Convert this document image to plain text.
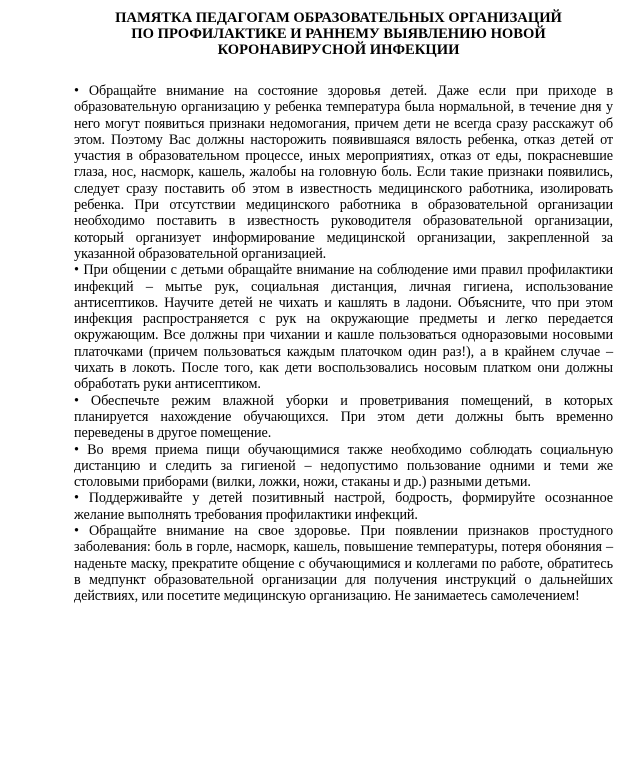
ПАМЯТКА ПЕДАГОГАМ ОБРАЗОВАТЕЛЬНЫХ ОРГАНИЗАЦИЙ
ПО ПРОФИЛАКТИКЕ И РАННЕМУ ВЫЯВЛЕНИЮ НОВОЙ
КОРОНАВИРУСНОЙ ИНФЕКЦИИ

• Обращайте внимание на состояние здоровья детей. Даже если при приходе в образовательную организацию у ребенка температура была нормальной, в течение дня у него могут появиться признаки недомогания, причем дети не всегда сразу расскажут об этом. Поэтому Вас должны насторожить появившаяся вялость ребенка, отказ детей от участия в образовательном процессе, иных мероприятиях, отказ от еды, покрасневшие глаза, нос, насморк, кашель, жалобы на головную боль. Если такие признаки появились, следует сразу поставить об этом в известность медицинского работника, изолировать ребенка. При отсутствии медицинского работника в образовательной организации необходимо поставить в известность руководителя образовательной организации, который организует информирование медицинской организации, закрепленной за указанной образовательной организацией.

• При общении с детьми обращайте внимание на соблюдение ими правил профилактики инфекций – мытье рук, социальная дистанция, личная гигиена, использование антисептиков. Научите детей не чихать и кашлять в ладони. Объясните, что при этом инфекция распространяется с рук на окружающие предметы и легко передается окружающим. Все должны при чихании и кашле пользоваться одноразовыми носовыми платочками (причем пользоваться каждым платочком один раз!), а в крайнем случае – чихать в локоть. После того, как дети воспользовались носовым платком они должны обработать руки антисептиком.

• Обеспечьте режим влажной уборки и проветривания помещений, в которых планируется нахождение обучающихся. При этом дети должны быть временно переведены в другое помещение.

• Во время приема пищи обучающимися также необходимо соблюдать социальную дистанцию и следить за гигиеной – недопустимо пользование одними и теми же столовыми приборами (вилки, ложки, ножи, стаканы и др.) разными детьми.

• Поддерживайте у детей позитивный настрой, бодрость, формируйте осознанное желание выполнять требования профилактики инфекций.

• Обращайте внимание на свое здоровье. При появлении признаков простудного заболевания: боль в горле, насморк, кашель, повышение температуры, потеря обоняния – наденьте маску, прекратите общение с обучающимися и коллегами по работе, обратитесь в медпункт образовательной организации для получения инструкций о дальнейших действиях, или посетите медицинскую организацию. Не занимаетесь самолечением!
